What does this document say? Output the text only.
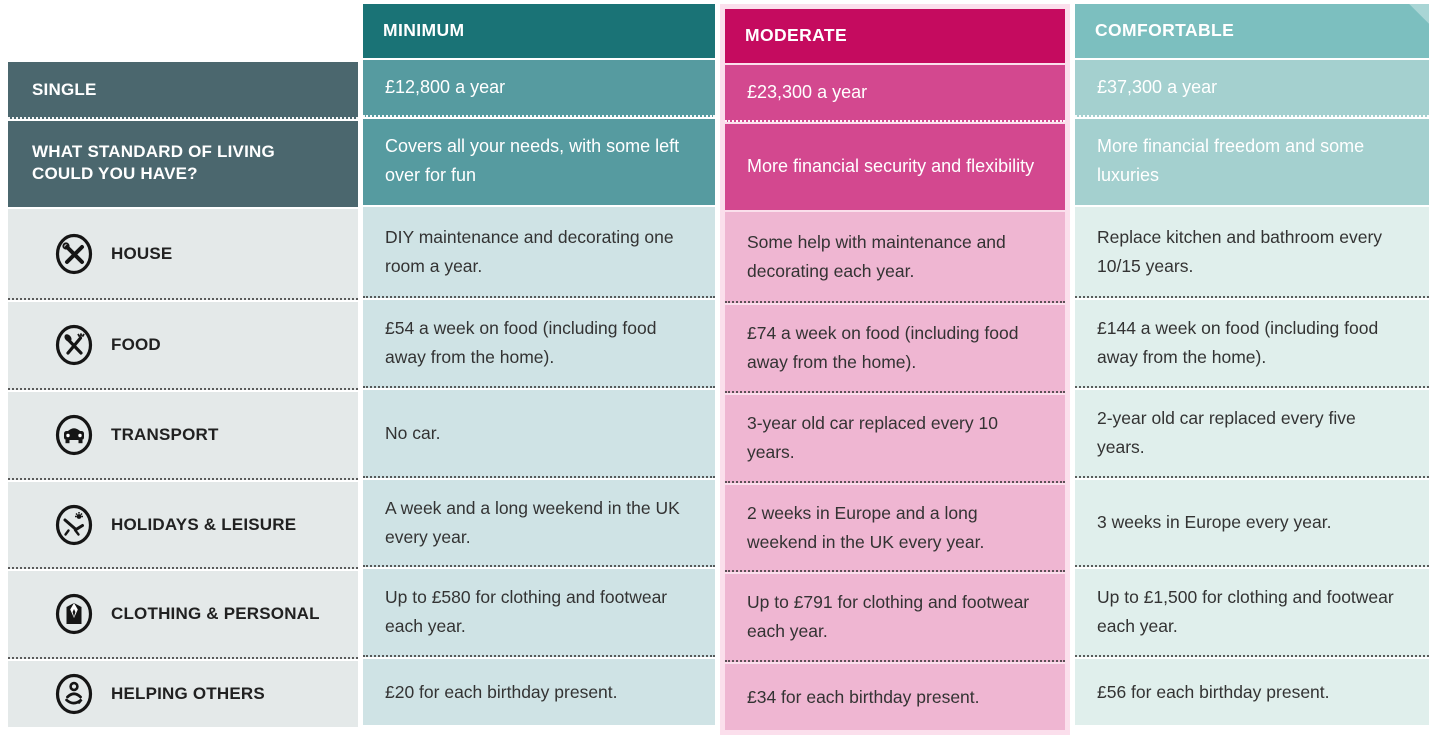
SINGLE
WHAT STANDARD OF LIVING COULD YOU HAVE?
HOUSE
FOOD
TRANSPORT
HOLIDAYS & LEISURE
CLOTHING & PERSONAL
HELPING OTHERS
MINIMUM
£12,800 a year
Covers all your needs, with some left over for fun
DIY maintenance and decorating one room a year.
£54 a week on food (including food away from the home).
No car.
A week and a long weekend in the UK every year.
Up to £580 for clothing and footwear each year.
£20 for each birthday present.
MODERATE
£23,300 a year
More financial security and flexibility
Some help with maintenance and decorating each year.
£74 a week on food (including food away from the home).
3-year old car replaced every 10 years.
2 weeks in Europe and a long weekend in the UK every year.
Up to £791 for clothing and footwear each year.
£34 for each birthday present.
COMFORTABLE
£37,300 a year
More financial freedom and some luxuries
Replace kitchen and bathroom every 10/15 years.
£144 a week on food (including food away from the home).
2-year old car replaced every five years.
3 weeks in Europe every year.
Up to £1,500 for clothing and footwear each year.
£56 for each birthday present.
